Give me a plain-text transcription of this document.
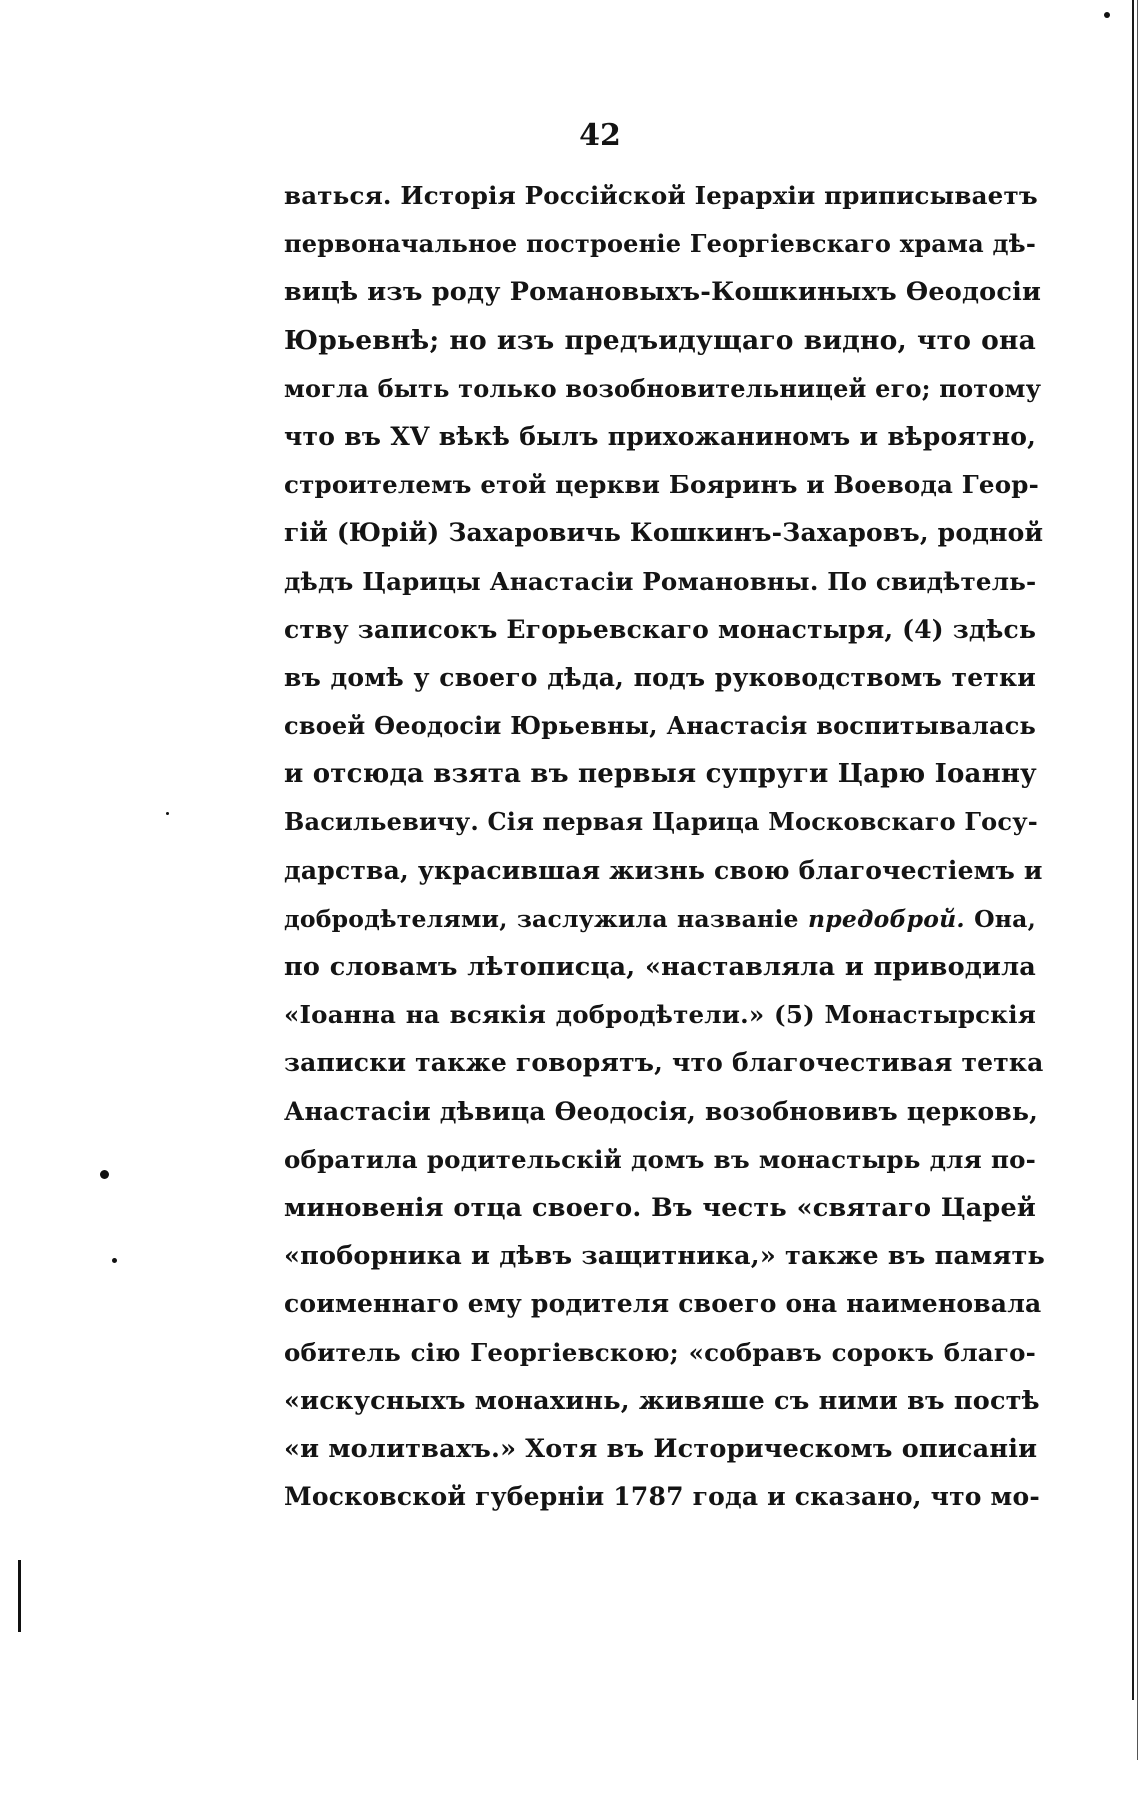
42
ваться. Исторія Россійской Іерархіи приписываетъ
первоначальное построеніе Георгіевскаго храма дѣ-
вицѣ изъ роду Романовыхъ-Кошкиныхъ Ѳеодосіи
Юрьевнѣ; но изъ предъидущаго видно, что она
могла быть только возобновительницей его; потому
что въ XV вѣкѣ былъ прихожаниномъ и вѣроятно,
строителемъ етой церкви Бояринъ и Воевода Геор-
гій (Юрій) Захаровичь Кошкинъ-Захаровъ, родной
дѣдъ Царицы Анастасіи Романовны. По свидѣтель-
ству записокъ Егорьевскаго монастыря, (4) здѣсь
въ домѣ у своего дѣда, подъ руководствомъ тетки
своей Ѳеодосіи Юрьевны, Анастасія воспитывалась
и отсюда взята въ первыя супруги Царю Іоанну
Васильевичу. Сія первая Царица Московскаго Госу-
дарства, украсившая жизнь свою благочестіемъ и
добродѣтелями, заслужила названіе предоброй. Она,
по словамъ лѣтописца, «наставляла и приводила
«Іоанна на всякія добродѣтели.» (5) Монастырскія
записки также говорятъ, что благочестивая тетка
Анастасіи дѣвица Ѳеодосія, возобновивъ церковь,
обратила родительскій домъ въ монастырь для по-
миновенія отца своего. Въ честь «святаго Царей
«поборника и дѣвъ защитника,» также въ память
соименнаго ему родителя своего она наименовала
обитель сію Георгіевскою; «собравъ сорокъ благо-
«искусныхъ монахинь, живяше съ ними въ постѣ
«и молитвахъ.» Хотя въ Историческомъ описаніи
Московской губерніи 1787 года и сказано, что мо-
